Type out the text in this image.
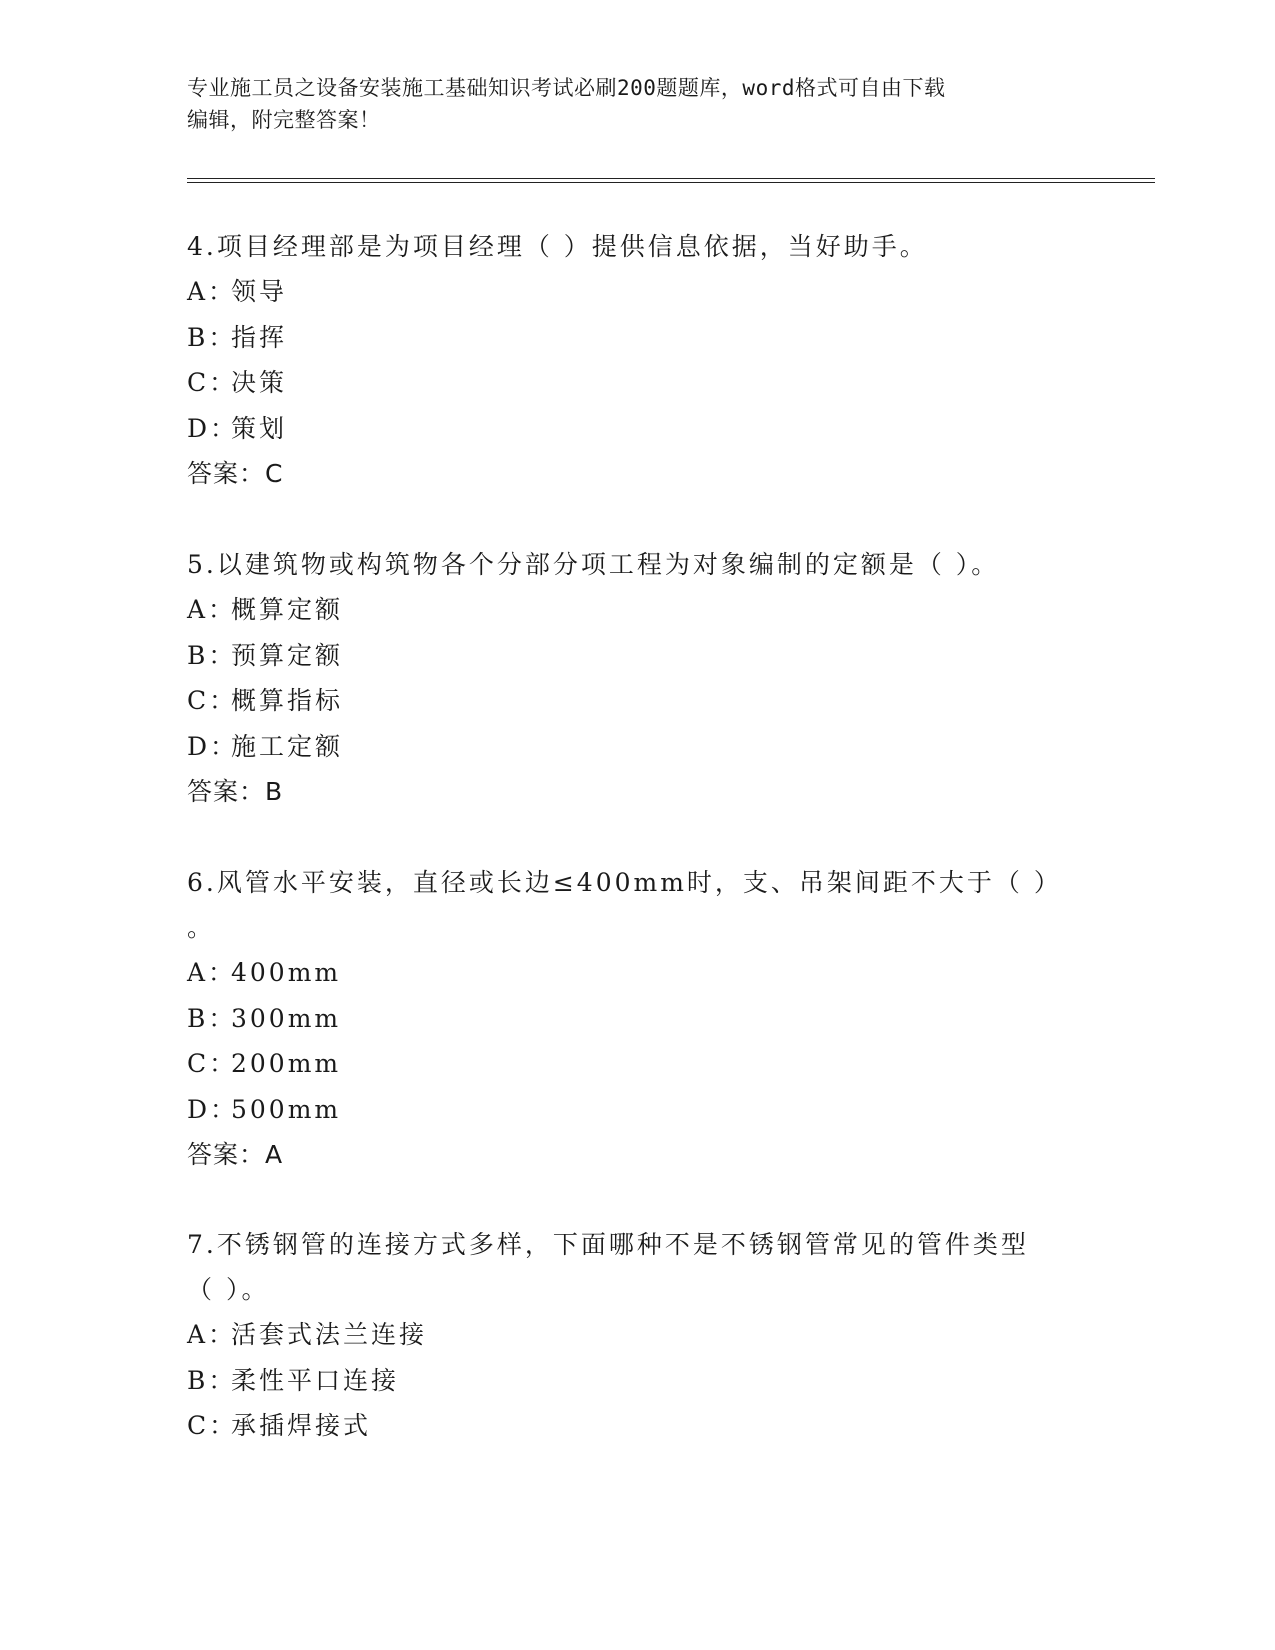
专业施工员之设备安装施工基础知识考试必刷200题题库，word格式可自由下载
编辑，附完整答案！

4.项目经理部是为项目经理（ ）提供信息依据，当好助手。

A：
领导

B：
指挥

C：
决策

D：
策划

答案：C

5.以建筑物或构筑物各个分部分项工程为对象编制的定额是（ ）。

A：
概算定额

B：
预算定额

C：
概算指标

D：
施工定额

答案：B

6.风管水平安装，直径或长边≤400mm时，支、吊架间距不大于（ ）

。

A：
400mm

B：
300mm

C：
200mm

D：
500mm

答案：A

7.不锈钢管的连接方式多样，下面哪种不是不锈钢管常见的管件类型

（ ）。

A：
活套式法兰连接

B：
柔性平口连接

C：
承插焊接式
